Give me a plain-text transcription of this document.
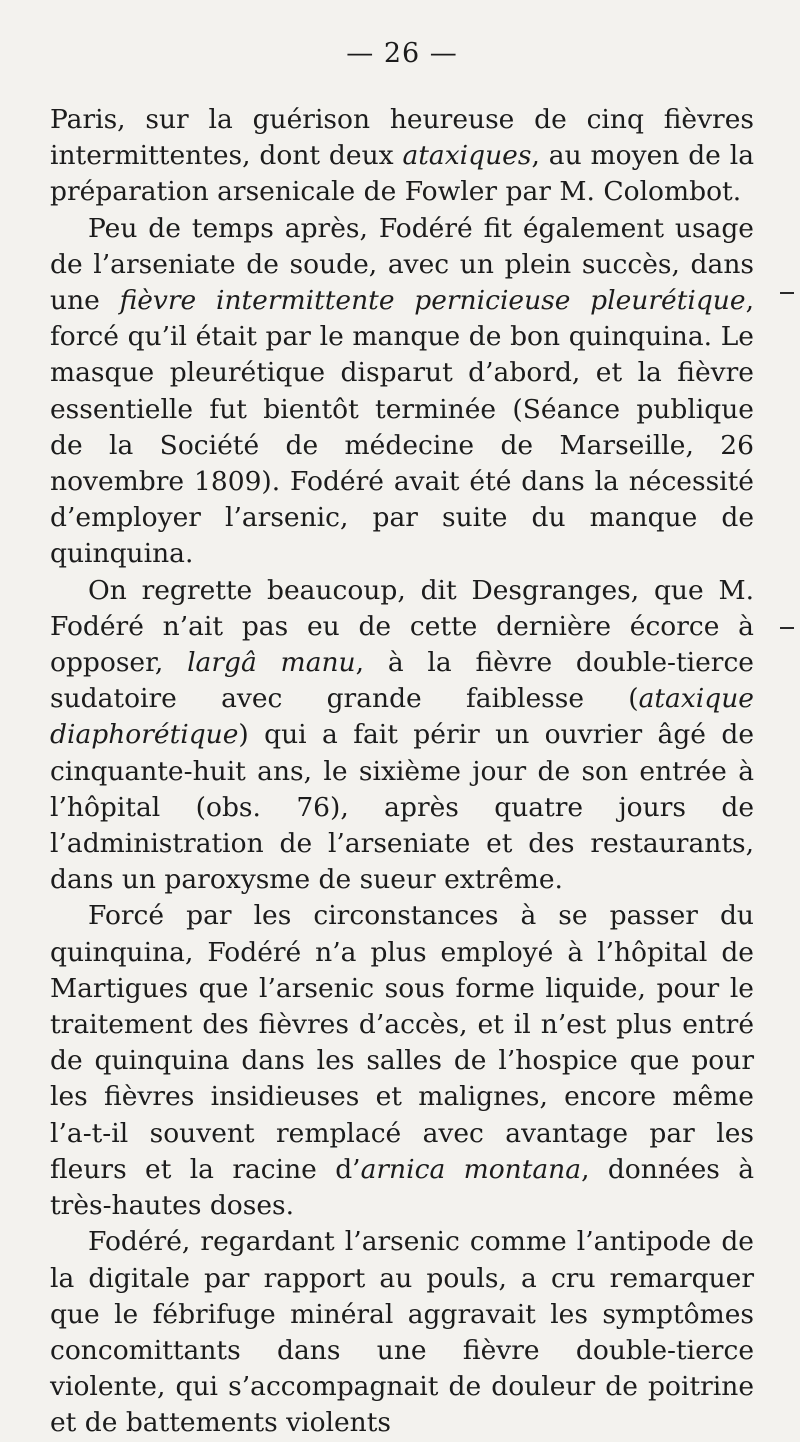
— 26 —

Paris, sur la guérison heureuse de cinq fièvres intermittentes, dont deux ataxiques, au moyen de la préparation arsenicale de Fowler par M. Colombot.

Peu de temps après, Fodéré fit également usage de l’arseniate de soude, avec un plein succès, dans une fièvre intermittente pernicieuse pleurétique, forcé qu’il était par le manque de bon quinquina. Le masque pleurétique disparut d’abord, et la fièvre essentielle fut bientôt terminée (Séance publique de la Société de médecine de Marseille, 26 novembre 1809). Fodéré avait été dans la nécessité d’employer l’arsenic, par suite du manque de quinquina.

On regrette beaucoup, dit Desgranges, que M. Fodéré n’ait pas eu de cette dernière écorce à opposer, largâ manu, à la fièvre double-tierce sudatoire avec grande faiblesse (ataxique diaphorétique) qui a fait périr un ouvrier âgé de cinquante-huit ans, le sixième jour de son entrée à l’hôpital (obs. 76), après quatre jours de l’administration de l’arseniate et des restaurants, dans un paroxysme de sueur extrême.

Forcé par les circonstances à se passer du quinquina, Fodéré n’a plus employé à l’hôpital de Martigues que l’arsenic sous forme liquide, pour le traitement des fièvres d’accès, et il n’est plus entré de quinquina dans les salles de l’hospice que pour les fièvres insidieuses et malignes, encore même l’a-t-il souvent remplacé avec avantage par les fleurs et la racine d’arnica montana, données à très-hautes doses.

Fodéré, regardant l’arsenic comme l’antipode de la digitale par rapport au pouls, a cru remarquer que le fébrifuge minéral aggravait les symptômes concomittants dans une fièvre double-tierce violente, qui s’accompagnait de douleur de poitrine et de battements violents
